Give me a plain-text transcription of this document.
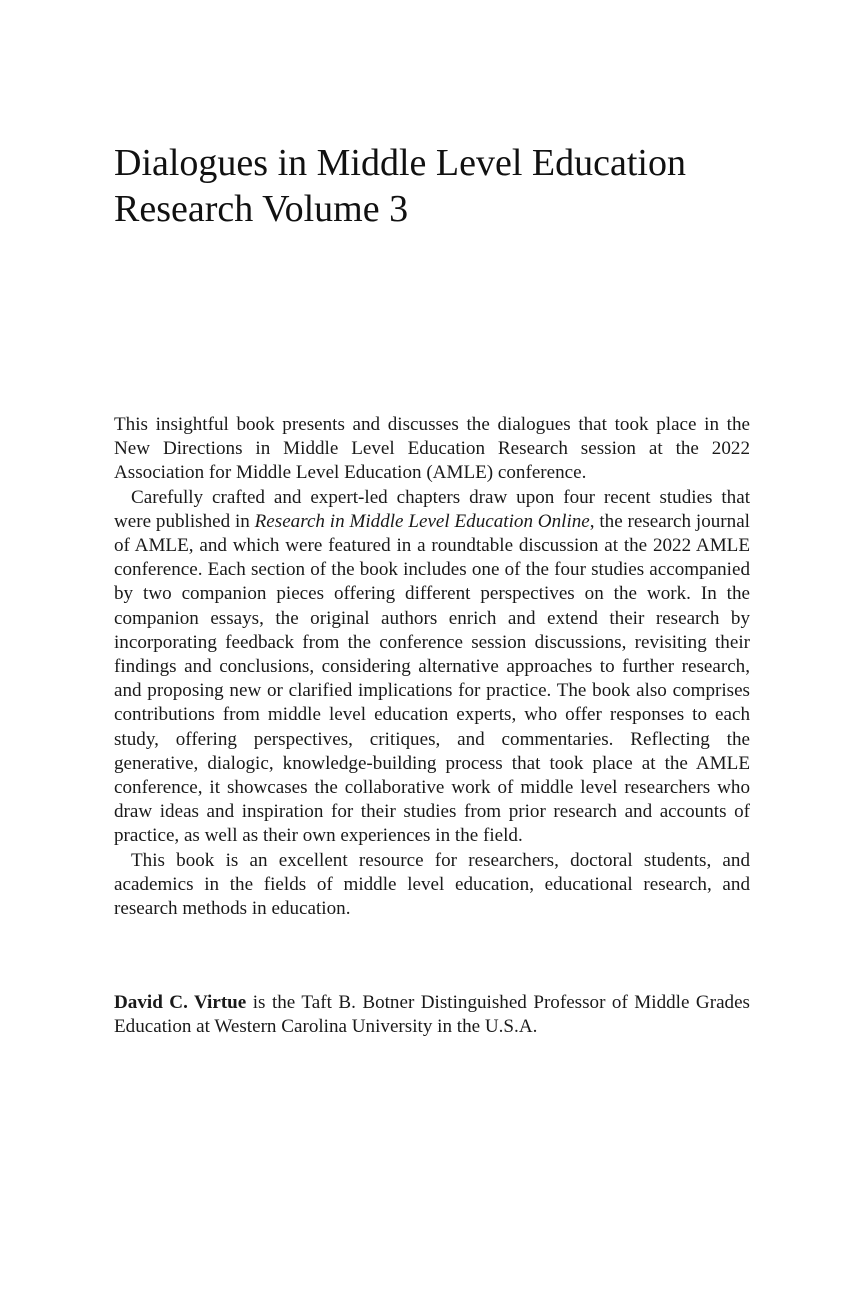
Dialogues in Middle Level Education
Research Volume 3

This insightful book presents and discusses the dialogues that took place in the New Directions in Middle Level Education Research session at the 2022 Association for Middle Level Education (AMLE) conference.

Carefully crafted and expert-led chapters draw upon four recent studies that were published in Research in Middle Level Education Online, the research journal of AMLE, and which were featured in a roundtable discussion at the 2022 AMLE conference. Each section of the book includes one of the four studies accompanied by two companion pieces offering different perspectives on the work. In the companion essays, the original authors enrich and extend their research by incorporating feedback from the conference session discussions, revisiting their findings and conclusions, considering alternative approaches to further research, and proposing new or clarified implications for practice. The book also comprises contributions from middle level education experts, who offer responses to each study, offering perspectives, critiques, and commentaries. Reflecting the generative, dialogic, knowledge-building process that took place at the AMLE conference, it showcases the collaborative work of middle level researchers who draw ideas and inspiration for their studies from prior research and accounts of practice, as well as their own experiences in the field.

This book is an excellent resource for researchers, doctoral students, and academics in the fields of middle level education, educational research, and research methods in education.

David C. Virtue is the Taft B. Botner Distinguished Professor of Middle Grades Education at Western Carolina University in the U.S.A.
